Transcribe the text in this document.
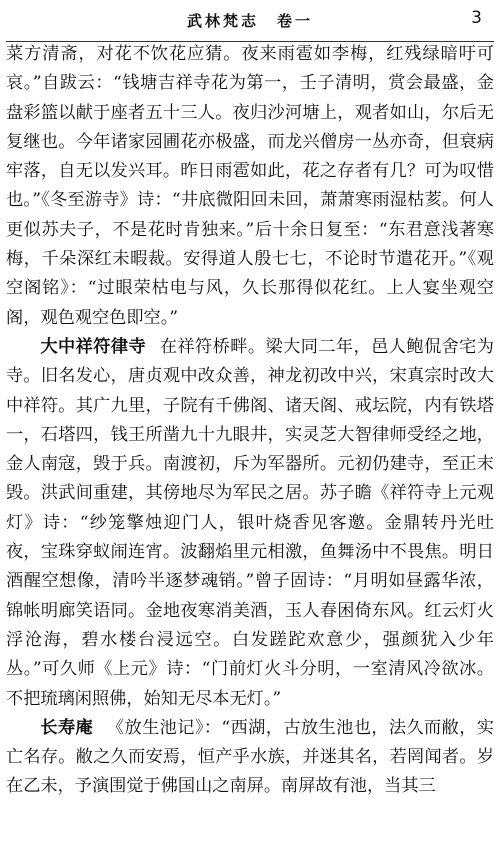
武林梵志　卷一	3

菜方清斋，对花不饮花应猜。夜来雨雹如李梅，红残绿暗吁可哀。”自跋云：“钱塘吉祥寺花为第一，壬子清明，赏会最盛，金盘彩篮以献于座者五十三人。夜归沙河塘上，观者如山，尔后无复继也。今年诸家园圃花亦极盛，而龙兴僧房一丛亦奇，但衰病牢落，自无以发兴耳。昨日雨雹如此，花之存者有几？可为叹惜也。”《冬至游寺》诗：“井底微阳回未回，萧萧寒雨湿枯荄。何人更似苏夫子，不是花时肯独来。”后十余日复至：“东君意浅著寒梅，千朵深红未暇裁。安得道人殷七七，不论时节遣花开。”《观空阁铭》：“过眼荣枯电与风，久长那得似花红。上人宴坐观空阁，观色观空色即空。”

大中祥符律寺 在祥符桥畔。梁大同二年，邑人鲍侃舍宅为寺。旧名发心，唐贞观中改众善，神龙初改中兴，宋真宗时改大中祥符。其广九里，子院有千佛阁、诸天阁、戒坛院，内有铁塔一，石塔四，钱王所凿九十九眼井，实灵芝大智律师受经之地，金人南寇，毁于兵。南渡初，斥为军器所。元初仍建寺，至正末毁。洪武间重建，其傍地尽为军民之居。苏子瞻《祥符寺上元观灯》诗：“纱笼擎烛迎门人，银叶烧香见客邀。金鼎转丹光吐夜，宝珠穿蚁闹连宵。波翻焰里元相激，鱼舞汤中不畏焦。明日酒醒空想像，清吟半逐梦魂销。”曾子固诗：“月明如昼露华浓，锦帐明廊笑语同。金地夜寒消美酒，玉人春困倚东风。红云灯火浮沧海，碧水楼台浸远空。白发蹉跎欢意少，强颜犹入少年丛。”可久师《上元》诗：“门前灯火斗分明，一室清风冷欲冰。不把琉璃闲照佛，始知无尽本无灯。”

长寿庵 《放生池记》：“西湖，古放生池也，法久而敝，实亡名存。敝之久而安焉，恒产乎水族，并迷其名，若罔闻者。岁在乙未，予演围觉于佛国山之南屏。南屏故有池，当其三
